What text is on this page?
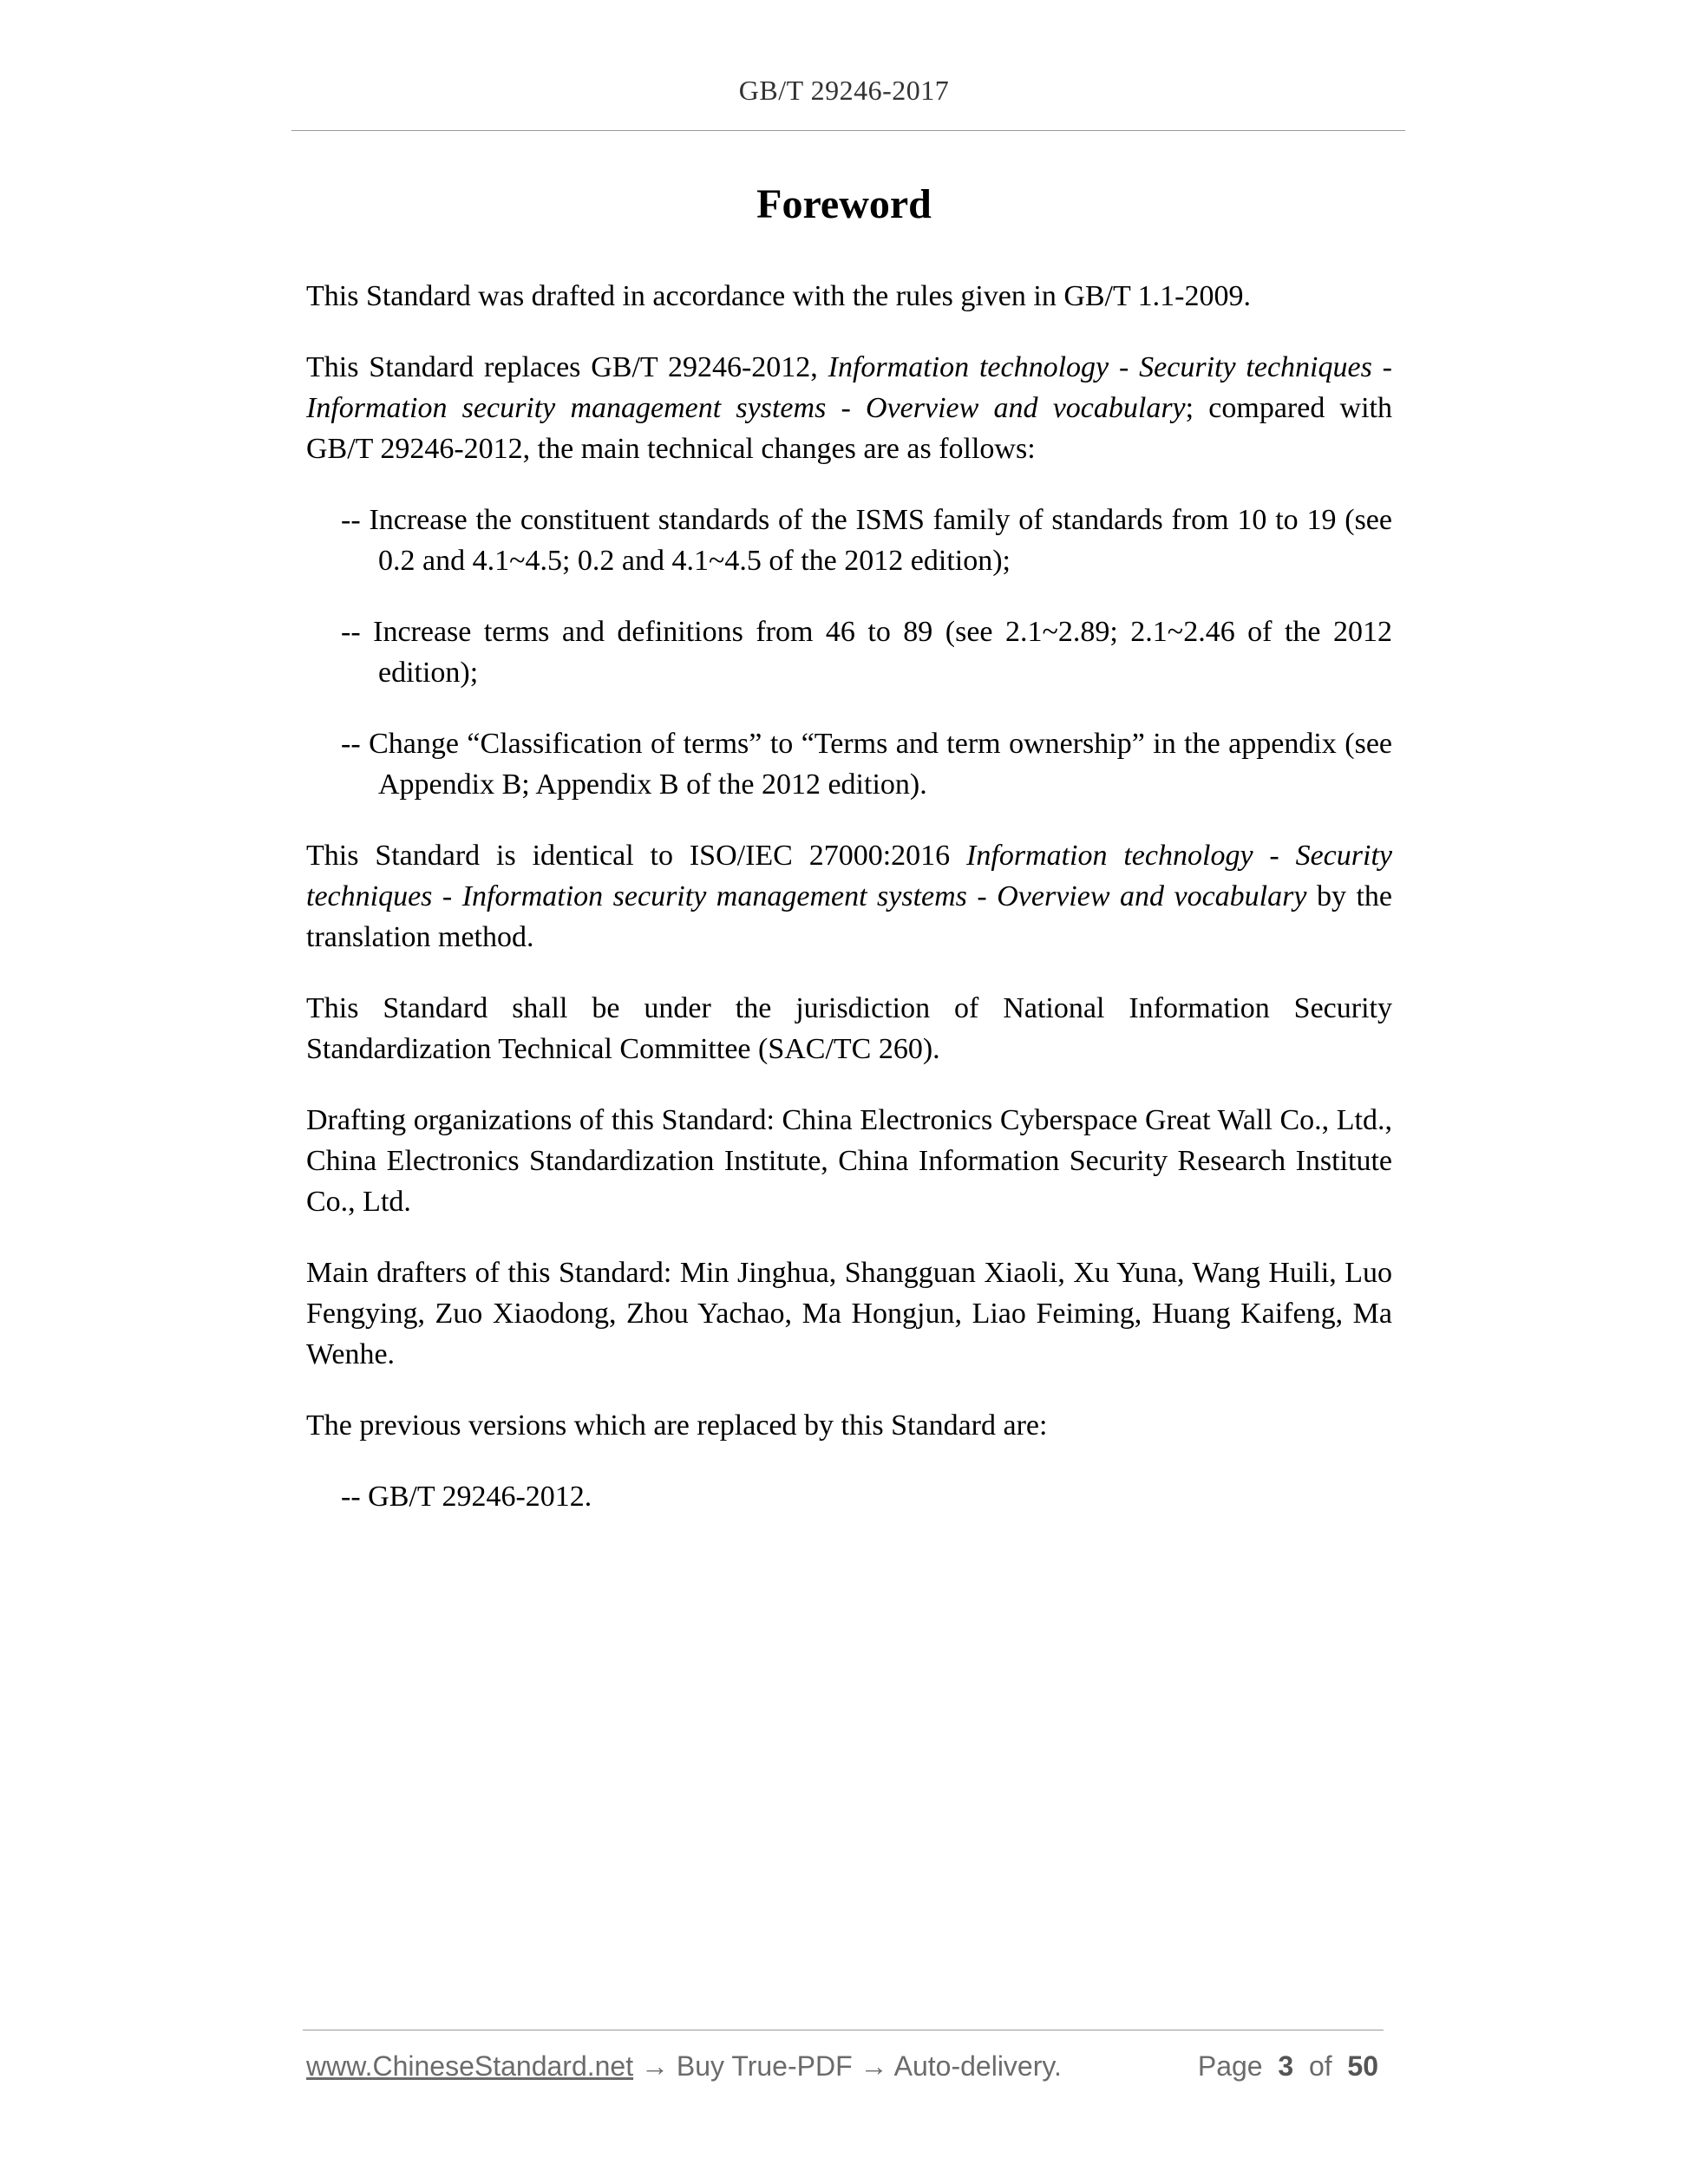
GB/T 29246-2017
Foreword

This Standard was drafted in accordance with the rules given in GB/T 1.1-2009.

This Standard replaces GB/T 29246-2012, Information technology - Security techniques - Information security management systems - Overview and vocabulary; compared with GB/T 29246-2012, the main technical changes are as follows:

-- Increase the constituent standards of the ISMS family of standards from 10 to 19 (see 0.2 and 4.1~4.5; 0.2 and 4.1~4.5 of the 2012 edition);

-- Increase terms and definitions from 46 to 89 (see 2.1~2.89; 2.1~2.46 of the 2012 edition);

-- Change “Classification of terms” to “Terms and term ownership” in the appendix (see Appendix B; Appendix B of the 2012 edition).

This Standard is identical to ISO/IEC 27000:2016 Information technology - Security techniques - Information security management systems - Overview and vocabulary by the translation method.

This Standard shall be under the jurisdiction of National Information Security Standardization Technical Committee (SAC/TC 260).

Drafting organizations of this Standard: China Electronics Cyberspace Great Wall Co., Ltd., China Electronics Standardization Institute, China Information Security Research Institute Co., Ltd.

Main drafters of this Standard: Min Jinghua, Shangguan Xiaoli, Xu Yuna, Wang Huili, Luo Fengying, Zuo Xiaodong, Zhou Yachao, Ma Hongjun, Liao Feiming, Huang Kaifeng, Ma Wenhe.

The previous versions which are replaced by this Standard are:

-- GB/T 29246-2012.

www.ChineseStandard.net → Buy True-PDF → Auto-delivery.	Page 3 of 50
